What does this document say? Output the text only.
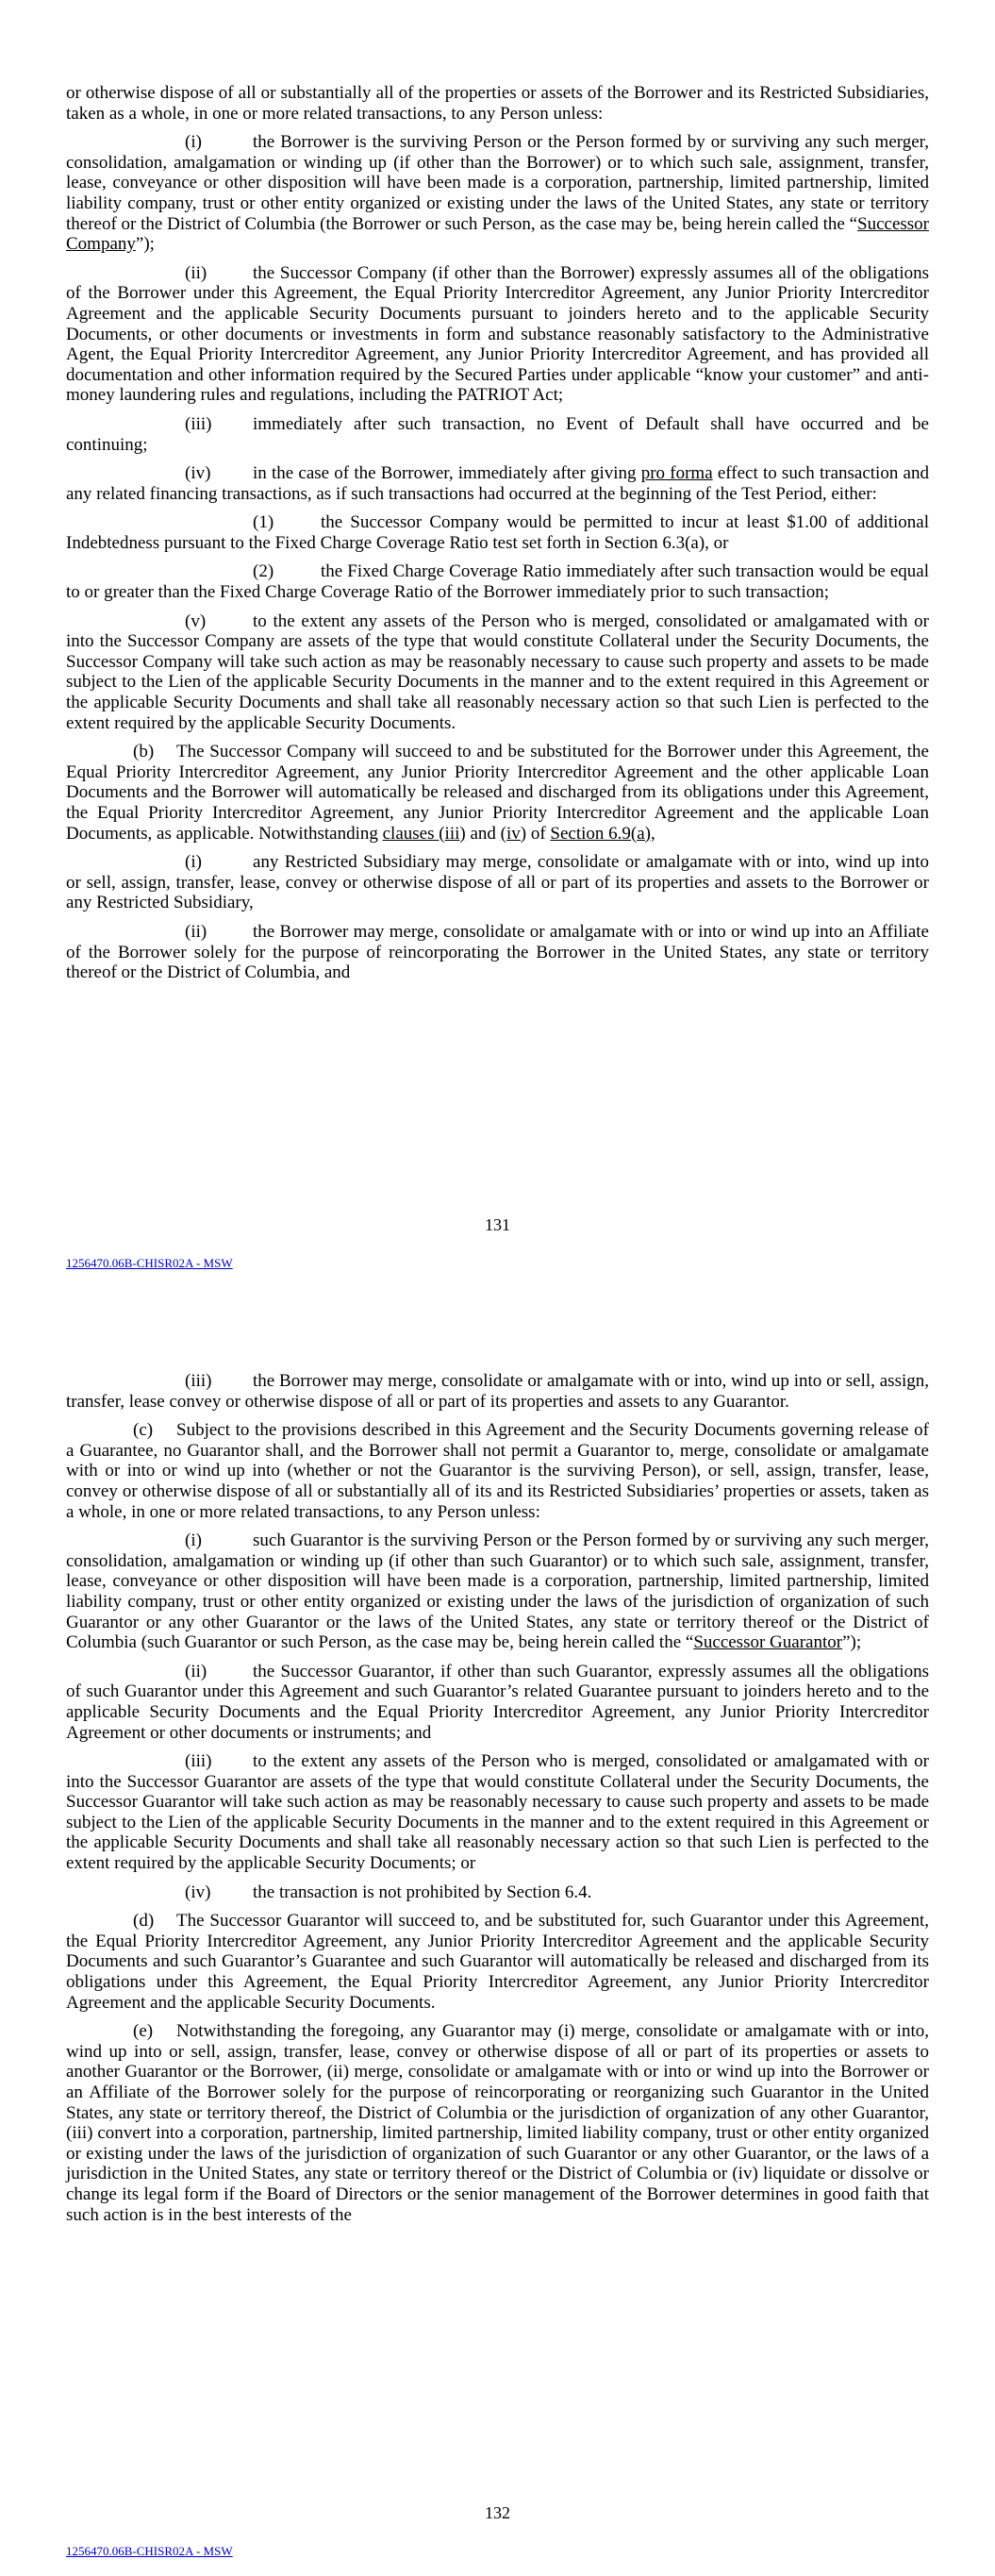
or otherwise dispose of all or substantially all of the properties or assets of the Borrower and its Restricted Subsidiaries, taken as a whole, in one or more related transactions, to any Person unless:

(i)	the Borrower is the surviving Person or the Person formed by or surviving any such merger, consolidation, amalgamation or winding up (if other than the Borrower) or to which such sale, assignment, transfer, lease, conveyance or other disposition will have been made is a corporation, partnership, limited partnership, limited liability company, trust or other entity organized or existing under the laws of the United States, any state or territory thereof or the District of Columbia (the Borrower or such Person, as the case may be, being herein called the “Successor Company”);

(ii)	the Successor Company (if other than the Borrower) expressly assumes all of the obligations of the Borrower under this Agreement, the Equal Priority Intercreditor Agreement, any Junior Priority Intercreditor Agreement and the applicable Security Documents pursuant to joinders hereto and to the applicable Security Documents, or other documents or investments in form and substance reasonably satisfactory to the Administrative Agent, the Equal Priority Intercreditor Agreement, any Junior Priority Intercreditor Agreement, and has provided all documentation and other information required by the Secured Parties under applicable “know your customer” and anti-money laundering rules and regulations, including the PATRIOT Act;

(iii) immediately after such transaction, no Event of Default shall have occurred and be continuing;

(iv) in the case of the Borrower, immediately after giving pro forma effect to such transaction and any related financing transactions, as if such transactions had occurred at the beginning of the Test Period, either:

(1)	the Successor Company would be permitted to incur at least $1.00 of additional Indebtedness pursuant to the Fixed Charge Coverage Ratio test set forth in Section 6.3(a), or

(2)	the Fixed Charge Coverage Ratio immediately after such transaction would be equal to or greater than the Fixed Charge Coverage Ratio of the Borrower immediately prior to such transaction;

(v)	to the extent any assets of the Person who is merged, consolidated or amalgamated with or into the Successor Company are assets of the type that would constitute Collateral under the Security Documents, the Successor Company will take such action as may be reasonably necessary to cause such property and assets to be made subject to the Lien of the applicable Security Documents in the manner and to the extent required in this Agreement or the applicable Security Documents and shall take all reasonably necessary action so that such Lien is perfected to the extent required by the applicable Security Documents.

(b) The Successor Company will succeed to and be substituted for the Borrower under this Agreement, the Equal Priority Intercreditor Agreement, any Junior Priority Intercreditor Agreement and the other applicable Loan Documents and the Borrower will automatically be released and discharged from its obligations under this Agreement, the Equal Priority Intercreditor Agreement, any Junior Priority Intercreditor Agreement and the applicable Loan Documents, as applicable. Notwithstanding clauses (iii) and (iv) of Section 6.9(a),

(i)	any Restricted Subsidiary may merge, consolidate or amalgamate with or into, wind up into or sell, assign, transfer, lease, convey or otherwise dispose of all or part of its properties and assets to the Borrower or any Restricted Subsidiary,

(ii)	the Borrower may merge, consolidate or amalgamate with or into or wind up into an Affiliate of the Borrower solely for the purpose of reincorporating the Borrower in the United States, any state or territory thereof or the District of Columbia, and

131
1256470.06B-CHISR02A - MSW

(iii) the Borrower may merge, consolidate or amalgamate with or into, wind up into or sell, assign, transfer, lease convey or otherwise dispose of all or part of its properties and assets to any Guarantor.

(c) Subject to the provisions described in this Agreement and the Security Documents governing release of a Guarantee, no Guarantor shall, and the Borrower shall not permit a Guarantor to, merge, consolidate or amalgamate with or into or wind up into (whether or not the Guarantor is the surviving Person), or sell, assign, transfer, lease, convey or otherwise dispose of all or substantially all of its and its Restricted Subsidiaries’ properties or assets, taken as a whole, in one or more related transactions, to any Person unless:

(i)	such Guarantor is the surviving Person or the Person formed by or surviving any such merger, consolidation, amalgamation or winding up (if other than such Guarantor) or to which such sale, assignment, transfer, lease, conveyance or other disposition will have been made is a corporation, partnership, limited partnership, limited liability company, trust or other entity organized or existing under the laws of the jurisdiction of organization of such Guarantor or any other Guarantor or the laws of the United States, any state or territory thereof or the District of Columbia (such Guarantor or such Person, as the case may be, being herein called the “Successor Guarantor”);

(ii)	the Successor Guarantor, if other than such Guarantor, expressly assumes all the obligations of such Guarantor under this Agreement and such Guarantor’s related Guarantee pursuant to joinders hereto and to the applicable Security Documents and the Equal Priority Intercreditor Agreement, any Junior Priority Intercreditor Agreement or other documents or instruments; and

(iii) to the extent any assets of the Person who is merged, consolidated or amalgamated with or into the Successor Guarantor are assets of the type that would constitute Collateral under the Security Documents, the Successor Guarantor will take such action as may be reasonably necessary to cause such property and assets to be made subject to the Lien of the applicable Security Documents in the manner and to the extent required in this Agreement or the applicable Security Documents and shall take all reasonably necessary action so that such Lien is perfected to the extent required by the applicable Security Documents; or

(iv) the transaction is not prohibited by Section 6.4.

(d) The Successor Guarantor will succeed to, and be substituted for, such Guarantor under this Agreement, the Equal Priority Intercreditor Agreement, any Junior Priority Intercreditor Agreement and the applicable Security Documents and such Guarantor’s Guarantee and such Guarantor will automatically be released and discharged from its obligations under this Agreement, the Equal Priority Intercreditor Agreement, any Junior Priority Intercreditor Agreement and the applicable Security Documents.

(e) Notwithstanding the foregoing, any Guarantor may (i) merge, consolidate or amalgamate with or into, wind up into or sell, assign, transfer, lease, convey or otherwise dispose of all or part of its properties or assets to another Guarantor or the Borrower, (ii) merge, consolidate or amalgamate with or into or wind up into the Borrower or an Affiliate of the Borrower solely for the purpose of reincorporating or reorganizing such Guarantor in the United States, any state or territory thereof, the District of Columbia or the jurisdiction of organization of any other Guarantor, (iii) convert into a corporation, partnership, limited partnership, limited liability company, trust or other entity organized or existing under the laws of the jurisdiction of organization of such Guarantor or any other Guarantor, or the laws of a jurisdiction in the United States, any state or territory thereof or the District of Columbia or (iv) liquidate or dissolve or change its legal form if the Board of Directors or the senior management of the Borrower determines in good faith that such action is in the best interests of the

132
1256470.06B-CHISR02A - MSW
